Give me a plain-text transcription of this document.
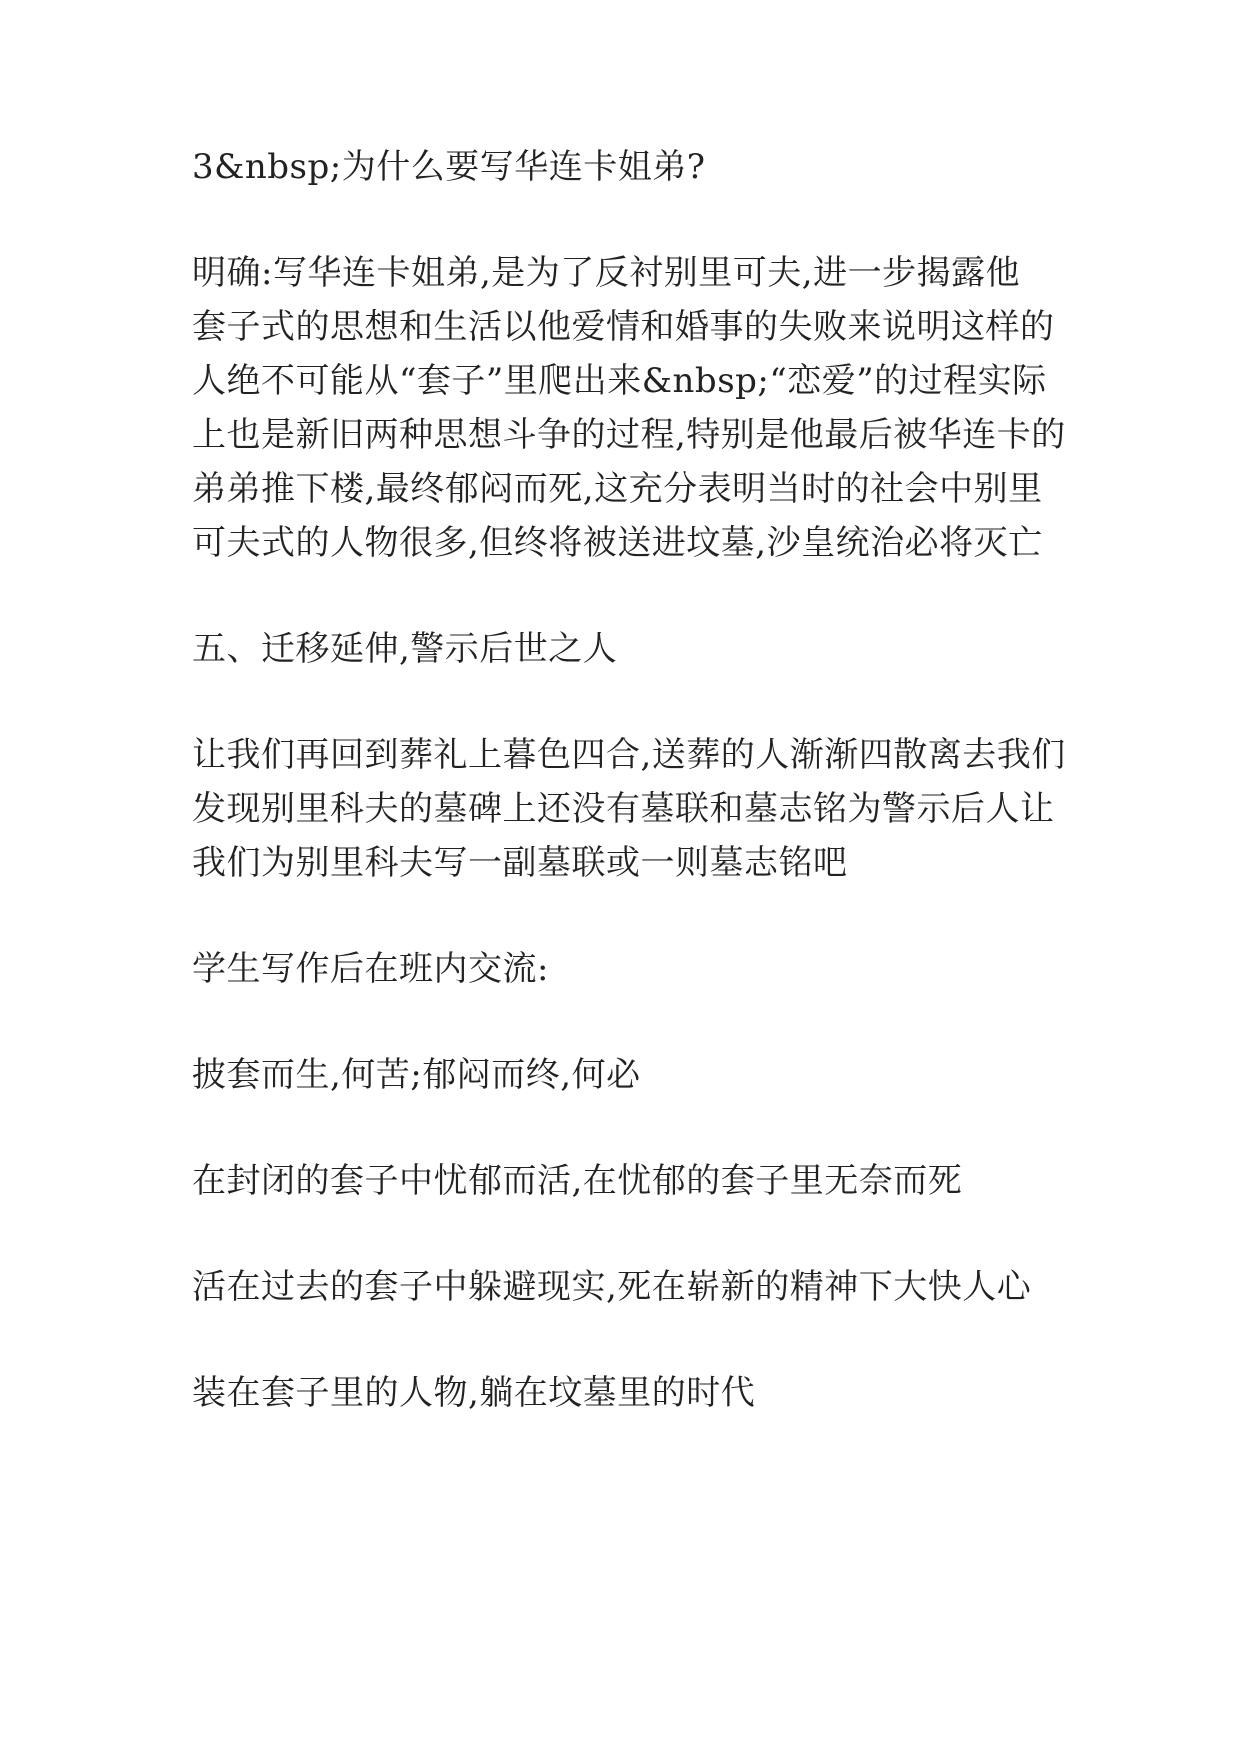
3&nbsp;为什么要写华连卡姐弟?
明确:写华连卡姐弟,是为了反衬别里可夫,进一步揭露他
套子式的思想和生活以他爱情和婚事的失败来说明这样的
人绝不可能从“套子”里爬出来&nbsp;“恋爱”的过程实际
上也是新旧两种思想斗争的过程,特别是他最后被华连卡的
弟弟推下楼,最终郁闷而死,这充分表明当时的社会中别里
可夫式的人物很多,但终将被送进坟墓,沙皇统治必将灭亡
五、迁移延伸,警示后世之人
让我们再回到葬礼上暮色四合,送葬的人渐渐四散离去我们
发现别里科夫的墓碑上还没有墓联和墓志铭为警示后人让
我们为别里科夫写一副墓联或一则墓志铭吧
学生写作后在班内交流:
披套而生,何苦;郁闷而终,何必
在封闭的套子中忧郁而活,在忧郁的套子里无奈而死
活在过去的套子中躲避现实,死在崭新的精神下大快人心
装在套子里的人物,躺在坟墓里的时代
